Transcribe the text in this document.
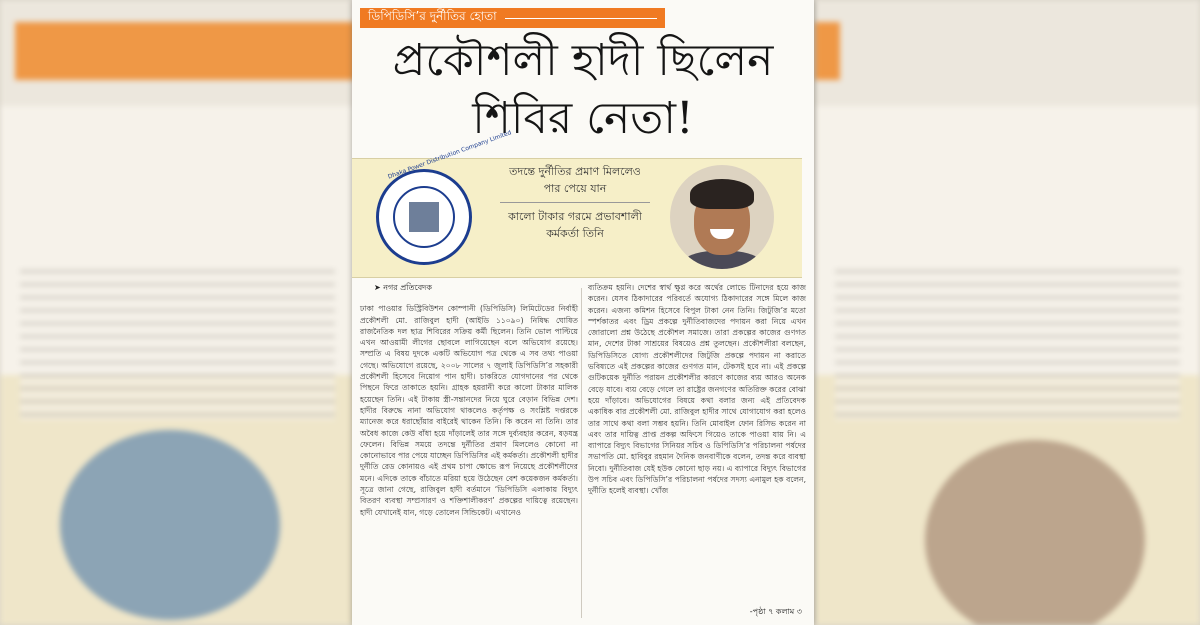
ডিপিডিসি’র দুর্নীতির হোতা
প্রকৌশলী হাদী ছিলেন
শিবির নেতা!
Dhaka Power Distribution Company Limited
তদন্তে দুর্নীতির প্রমাণ মিললেও পার পেয়ে যান
কালো টাকার গরমে প্রভাবশালী কর্মকর্তা তিনি
➤ নগর প্রতিবেদক

ঢাকা পাওয়ার ডিস্ট্রিবিউশন কোম্পানী (ডিপিডিসি) লিমিটেডের নির্বাহী প্রকৌশলী মো. রাজিবুল হাদী (আইডি ১১০৯০) নিষিদ্ধ ঘোষিত রাজনৈতিক দল ছাত্র শিবিরের সক্রিয় কর্মী ছিলেন। তিনি ভোল পাল্টিয়ে এখন আওয়ামী লীগের ছোবলে লাগিয়েছেন বলে অভিযোগ রয়েছে। সম্প্রতি এ বিষয় দুদকে একটি অভিযোগ পত্র থেকে এ সব তথ্য পাওয়া গেছে। অভিযোগে রয়েছে, ২০০৮ সালের ৭ জুলাই ডিপিডিসি’র সহকারী প্রকৌশলী হিসেবে নিয়োগ পান হাদী। চাকরিতে যোগদানের পর থেকে পিছনে ফিরে তাকাতে হয়নি। গ্রাহক হয়রানী করে কালো টাকার মালিক হয়েছেন তিনি। এই টাকায় স্ত্রী-সন্তানদের নিয়ে ঘুরে বেড়ান বিভিন্ন দেশ। হাদীর বিরুদ্ধে নানা অভিযোগ থাকলেও কর্তৃপক্ষ ও সংশ্লিষ্ট দপ্তরকে ম্যানেজ করে ধরাছোঁয়ার বাইরেই থাকেন তিনি। কি করেন না তিনি। তার অবৈধ কাজে কেউ বাঁধা হয়ে দাঁড়ালেই তার সঙ্গে দুর্ব্যবহার করেন, ষড়যন্ত্র ফেলেন। বিভিন্ন সময়ে তদন্তে দুর্নীতির প্রমাণ মিললেও কোনো না কোনোভাবে পার পেয়ে যাচ্ছেন ডিপিডিসির এই কর্মকর্তা। প্রকৌশলী হাদীর দুর্নীতি রেড কোনায়ও এই প্রথম চাপা ক্ষোভে রূপ নিয়েছে প্রকৌশলীদের মনে। এদিকে তাকে বাঁচাতে মরিয়া হয়ে উঠেছেন বেশ কয়েকজন কর্মকর্তা। সূত্রে জানা গেছে, রাজিবুল হাদী বর্তমানে ‘ডিপিডিসি এলাকায় বিদ্যুৎ বিতরণ ব্যবস্থা সম্প্রসারণ ও শক্তিশালীকরণ’ প্রকল্পের দায়িত্বে রয়েছেন। হাদী যেখানেই যান, গড়ে তোলেন সিন্ডিকেট। এখানেও

ব্যতিক্রম হয়নি। দেশের স্বার্থ ক্ষুণ্ণ করে অর্থের লোভে টিনাদের হয়ে কাজ করেন। যেসব ঠিকাদারের পরিবর্তে অযোগ্য ঠিকাদারের সঙ্গে মিলে কাজ করেন। এজন্য কমিশন হিসেবে বিপুল টাকা নেন তিনি। জিটুজি’র মতো স্পর্শকাতর এবং ড্রিম প্রকল্পে দুর্নীতিবাজদের পদায়ন করা নিয়ে এখন জোরালো প্রশ্ন উঠেছে প্রকৌশল সমাজে। তারা প্রকল্পের কাজের গুণগত মান, দেশের টাকা সাশ্রয়ের বিষয়েও প্রশ্ন তুলছেন। প্রকৌশলীরা বলছেন, ডিপিডিসিতে যোগ্য প্রকৌশলীদের জিটুজি প্রকল্পে পদায়ন না করাতে ভবিষ্যতে এই প্রকল্পের কাজের গুণগত মান, টেকসই হবে না। এই প্রকল্পে গুটিকয়েক দুর্নীতি পরায়ন প্রকৌশলীর কারণে কাজের ব্যয় আরও অনেক বেড়ে যাবে। ব্যয় বেড়ে গেলে তা রাষ্ট্রের জনগণের অতিরিক্ত করের বোঝা হয়ে দাঁড়াবে। অভিযোগের বিষয়ে কথা বলার জন্য এই প্রতিবেদক একাধিক বার প্রকৌশলী মো. রাজিবুল হাদীর সাথে যোগাযোগ করা হলেও তার সাথে কথা বলা সম্ভব হয়নি। তিনি মোবাইল ফোন রিসিভ করেন না এবং তার দায়িত্ব প্রাপ্ত প্রকল্প অফিসে গিয়েও তাকে পাওয়া যায় নি। এ ব্যাপারে বিদ্যুৎ বিভাগের সিনিয়র সচিব ও ডিপিডিসি’র পরিচালনা পর্ষদের সভাপতি মো. হাবিবুর রহমান দৈনিক জনবাণীকে বলেন, তদন্ত করে ব্যবস্থা নিবো। দুর্নীতিবাজ যেই হউক কোনো ছাড় নয়। এ ব্যাপারে বিদ্যুৎ বিভাগের উপ সচিব এবং ডিপিডিসি’র পরিচালনা পর্ষদের সদস্য এনামুল হক বলেন, দুর্নীতি হলেই ব্যবস্থা। খোঁজ

-পৃষ্ঠা ৭ কলাম ৩
